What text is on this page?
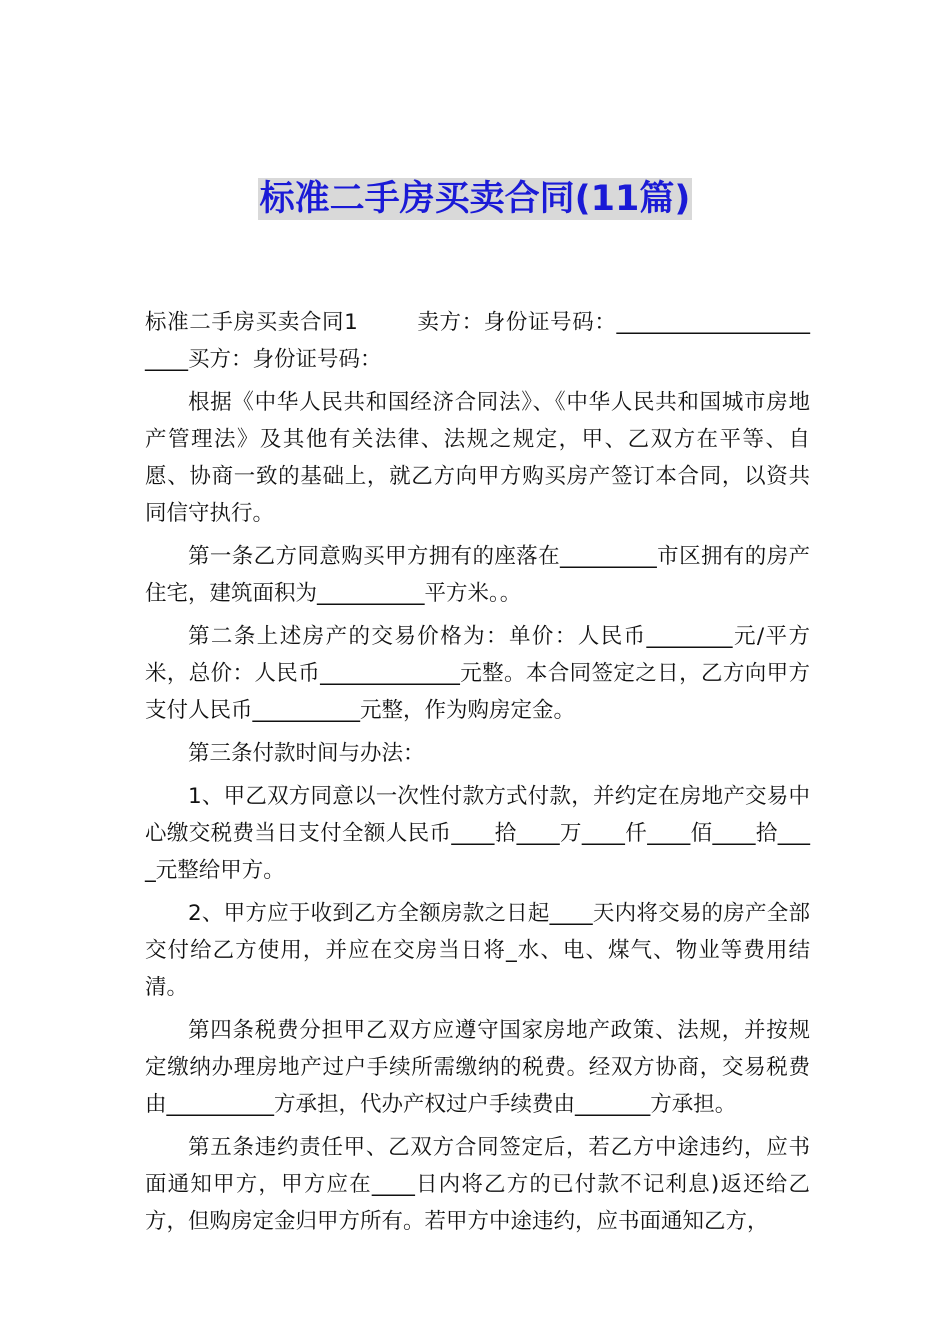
标准二手房买卖合同(11篇)

标准二手房买卖合同1        卖方：身份证号码：__________________ ____买方：身份证号码：

根据《中华人民共和国经济合同法》、《中华人民共和国城市房地产管理法》及其他有关法律、法规之规定，甲、乙双方在平等、自愿、协商一致的基础上，就乙方向甲方购买房产签订本合同，以资共同信守执行。

第一条乙方同意购买甲方拥有的座落在_________市区拥有的房产住宅，建筑面积为__________平方米。。

第二条上述房产的交易价格为：单价：人民币________元/平方米，总价：人民币_____________元整。本合同签定之日，乙方向甲方支付人民币__________元整，作为购房定金。

第三条付款时间与办法：

1、甲乙双方同意以一次性付款方式付款，并约定在房地产交易中心缴交税费当日支付全额人民币____拾____万____仟____佰____拾____元整给甲方。

2、甲方应于收到乙方全额房款之日起____天内将交易的房产全部交付给乙方使用，并应在交房当日将_水、电、煤气、物业等费用结清。

第四条税费分担甲乙双方应遵守国家房地产政策、法规，并按规定缴纳办理房地产过户手续所需缴纳的税费。经双方协商，交易税费由__________方承担，代办产权过户手续费由_______方承担。

第五条违约责任甲、乙双方合同签定后，若乙方中途违约，应书面通知甲方，甲方应在____日内将乙方的已付款不记利息)返还给乙方，但购房定金归甲方所有。若甲方中途违约，应书面通知乙方，
